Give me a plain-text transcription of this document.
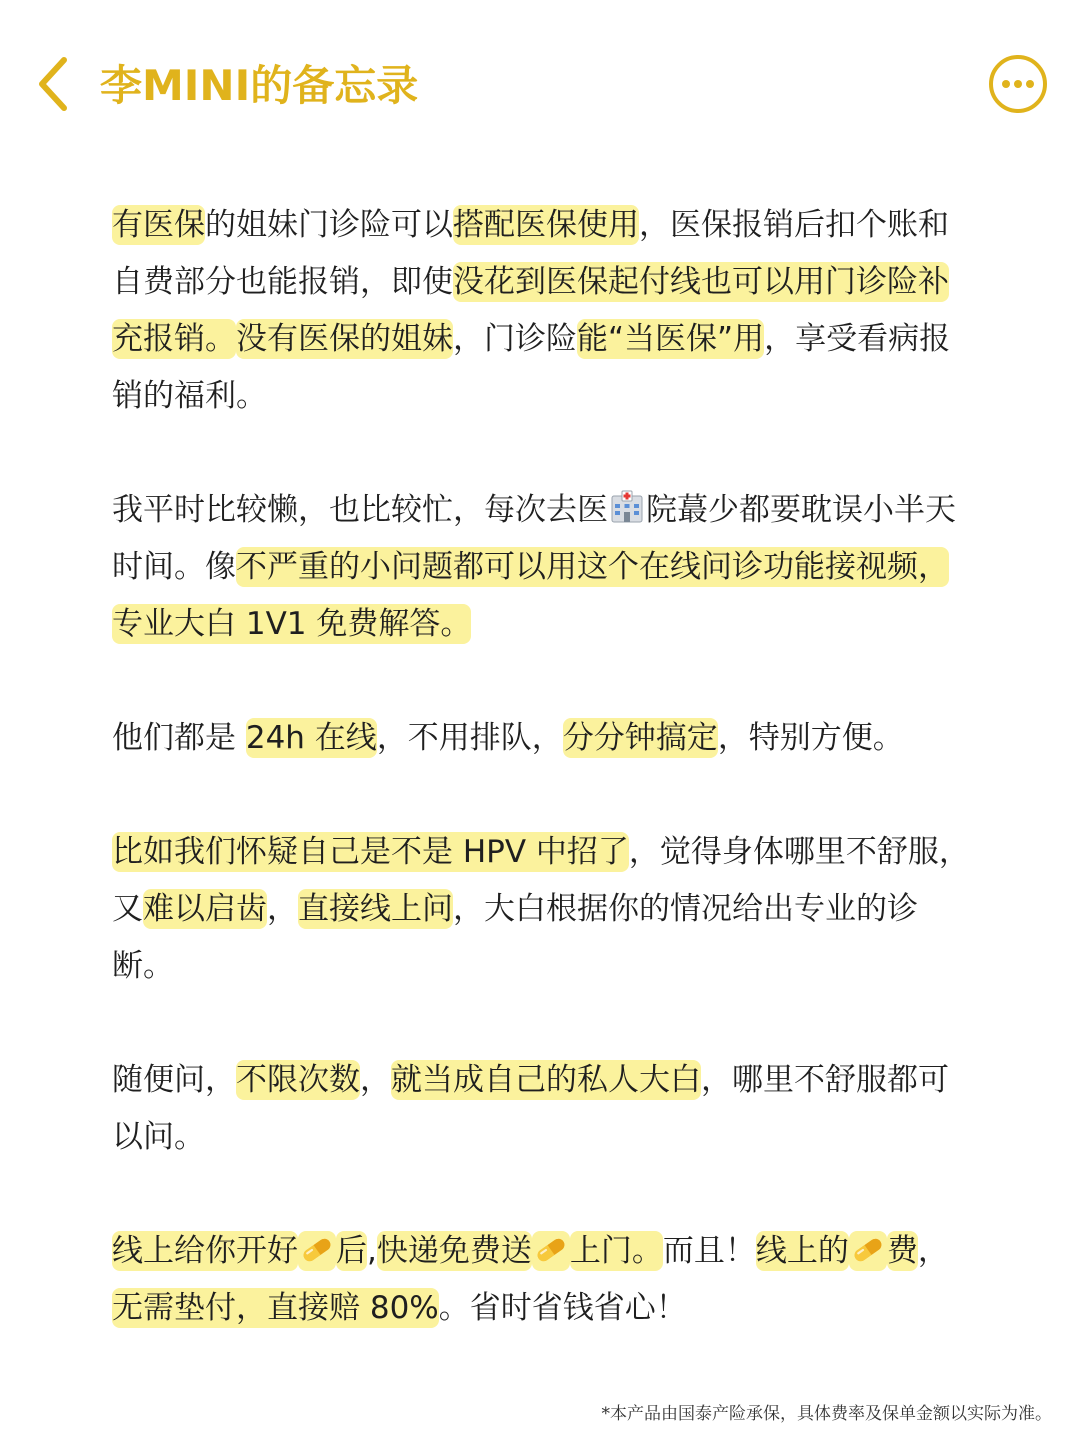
李MINI的备忘录

有医保的姐妹门诊险可以搭配医保使用，医保报销后扣个账和自费部分也能报销，即使没花到医保起付线也可以用门诊险补充报销。没有医保的姐妹，门诊险能“当医保”用，享受看病报销的福利。

我平时比较懒，也比较忙，每次去医 院蕞少都要耽误小半天时间。像不严重的小问题都可以用这个在线问诊功能接视频，专业大白 1V1 免费解答。

他们都是 24h 在线，不用排队，分分钟搞定，特别方便。

比如我们怀疑自己是不是 HPV 中招了，觉得身体哪里不舒服，又难以启齿，直接线上问，大白根据你的情况给出专业的诊断。

随便问，不限次数，就当成自己的私人大白，哪里不舒服都可以问。

线上给你开好 后,快递免费送 上门。而且！线上的 费，无需垫付，直接赔 80%。省时省钱省心！

*本产品由国泰产险承保，具体费率及保单金额以实际为准。
